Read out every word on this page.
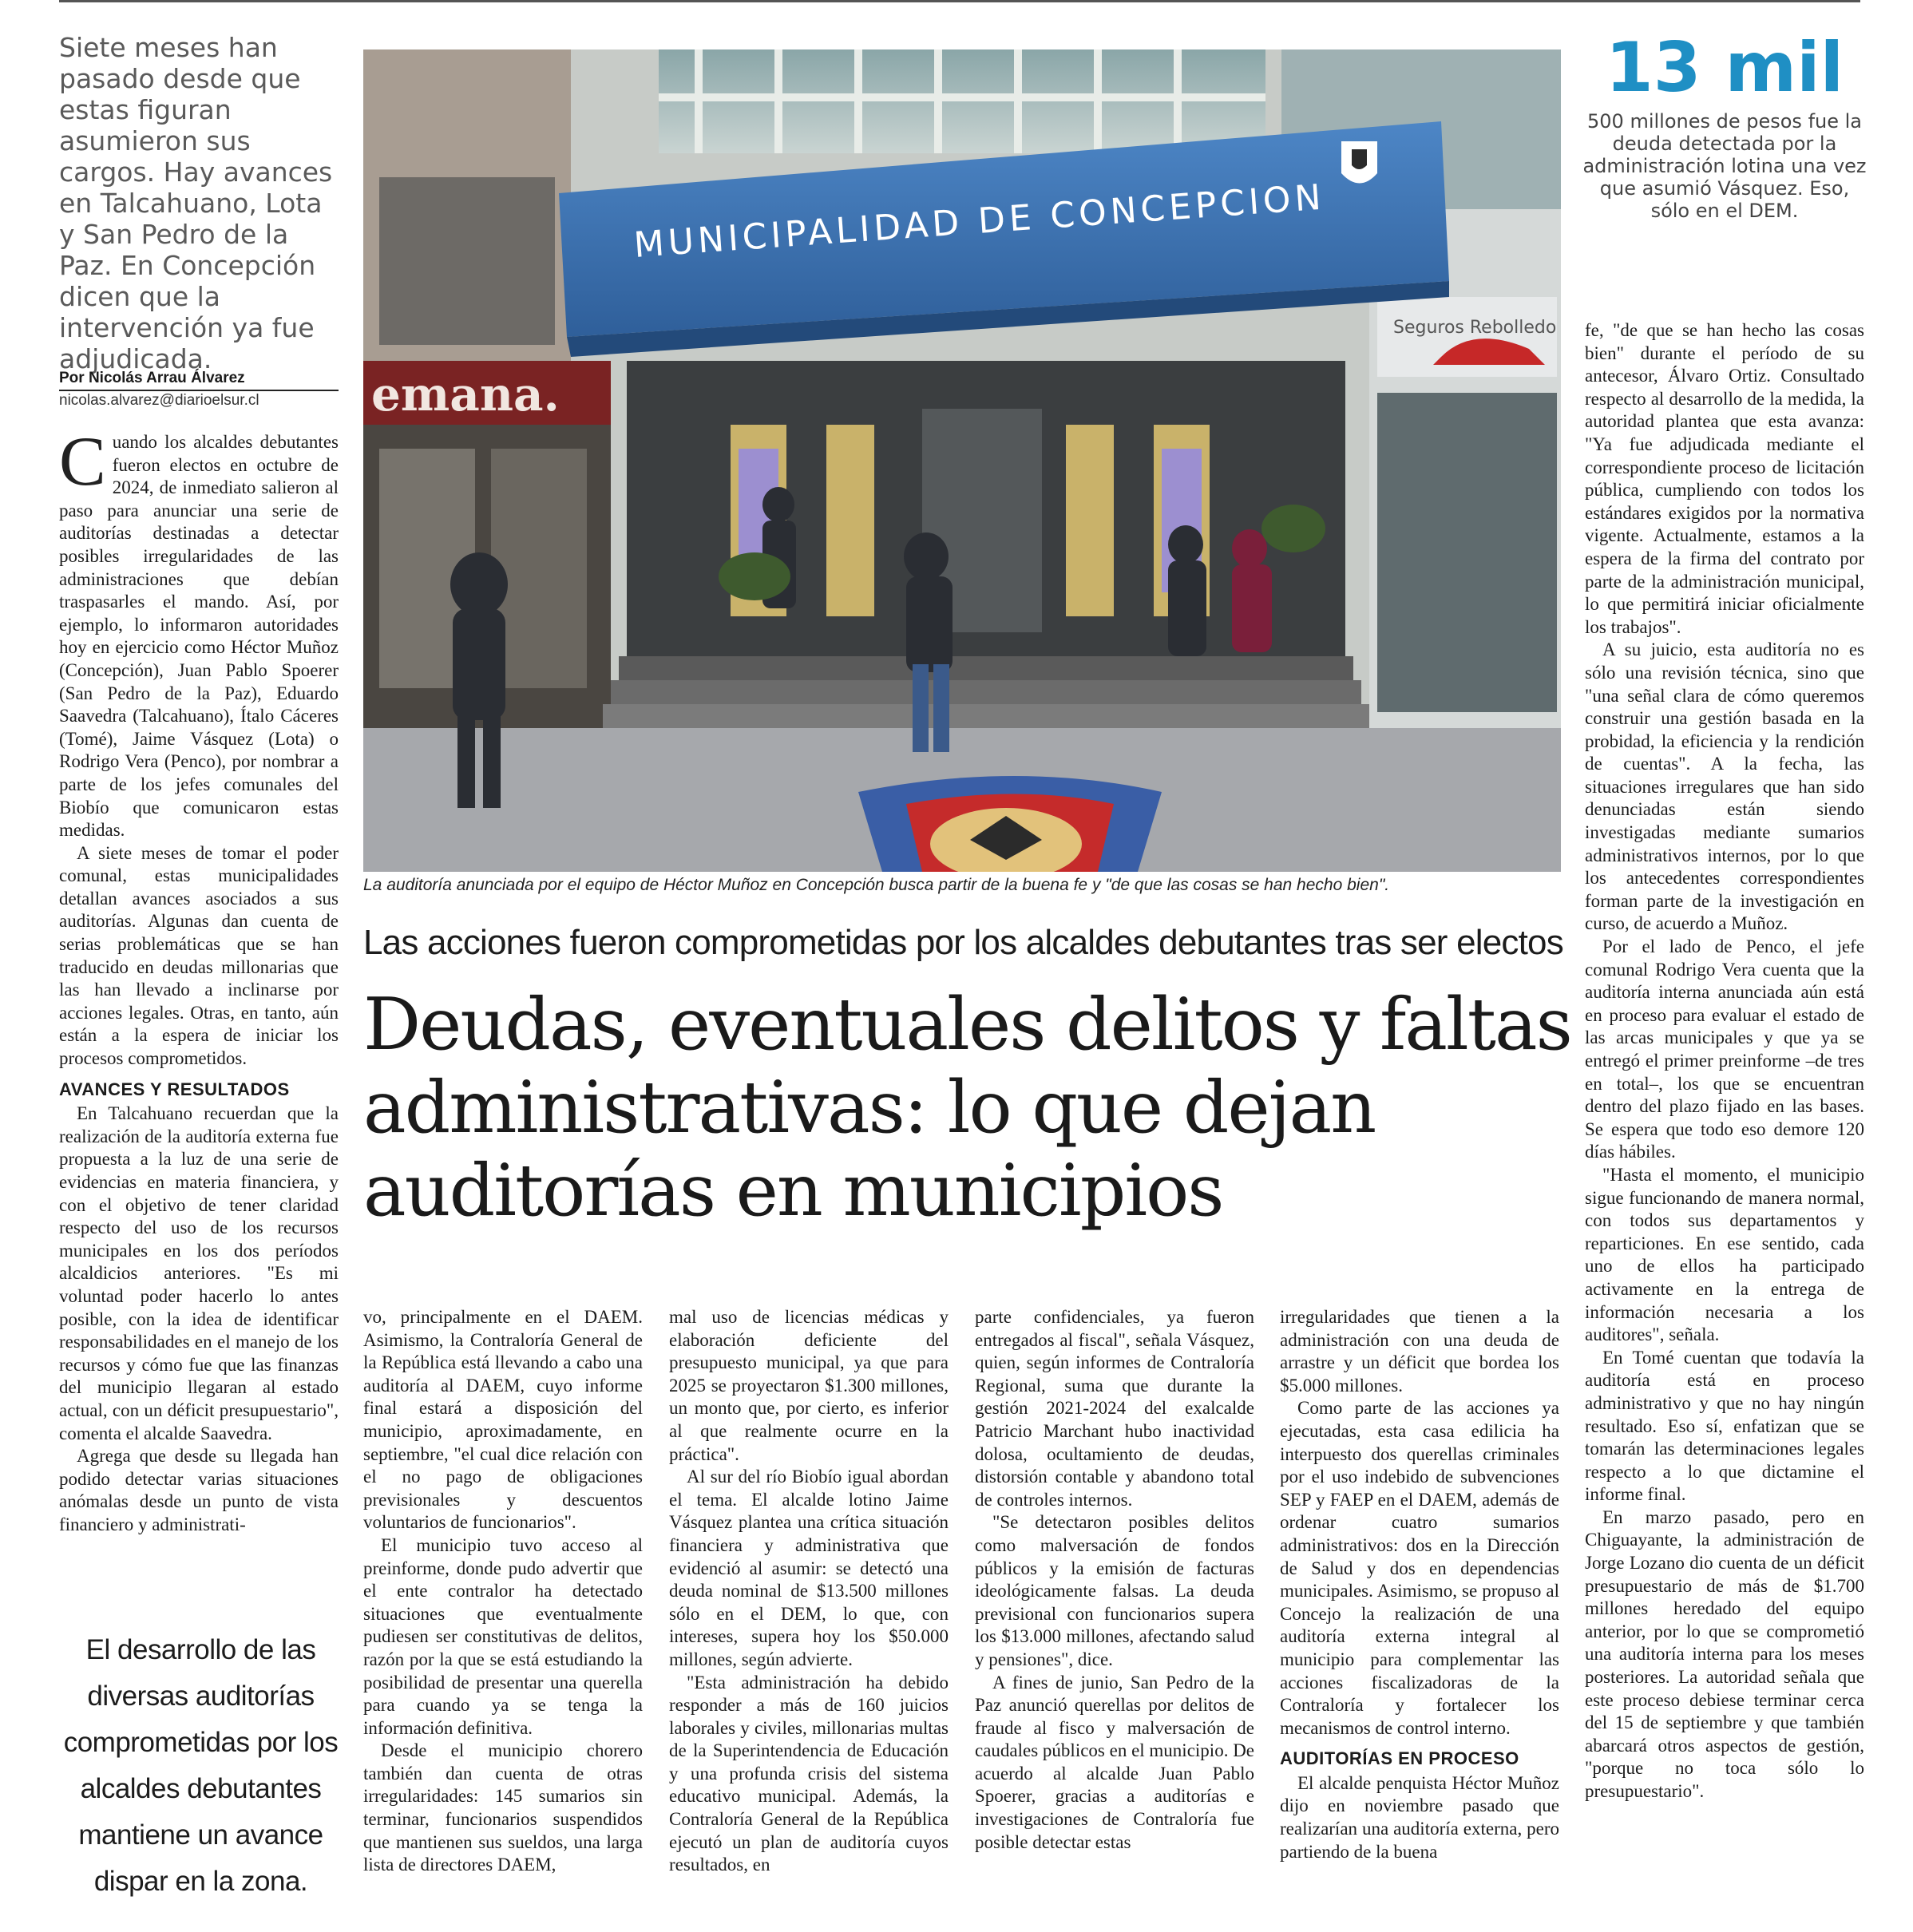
Siete meses han pasado desde que estas figuran asumieron sus cargos. Hay avances en Talcahuano, Lota y San Pedro de la Paz. En Concepción dicen que la intervención ya fue adjudicada.

Por Nicolás Arrau Álvarez
nicolas.alvarez@diarioelsur.cl

Cuando los alcaldes debutantes fueron electos en octubre de 2024, de inmediato salieron al paso para anunciar una serie de auditorías destinadas a detectar posibles irregularidades de las administraciones que debían traspasarles el mando. Así, por ejemplo, lo informaron autoridades hoy en ejercicio como Héctor Muñoz (Concepción), Juan Pablo Spoerer (San Pedro de la Paz), Eduardo Saavedra (Talcahuano), Ítalo Cáceres (Tomé), Jaime Vásquez (Lota) o Rodrigo Vera (Penco), por nombrar a parte de los jefes comunales del Biobío que comunicaron estas medidas.

A siete meses de tomar el poder comunal, estas municipalidades detallan avances asociados a sus auditorías. Algunas dan cuenta de serias problemáticas que se han traducido en deudas millonarias que las han llevado a inclinarse por acciones legales. Otras, en tanto, aún están a la espera de iniciar los procesos comprometidos.

AVANCES Y RESULTADOS

En Talcahuano recuerdan que la realización de la auditoría externa fue propuesta a la luz de una serie de evidencias en materia financiera, y con el objetivo de tener claridad respecto del uso de los recursos municipales en los dos períodos alcaldicios anteriores. "Es mi voluntad poder hacerlo lo antes posible, con la idea de identificar responsabilidades en el manejo de los recursos y cómo fue que las finanzas del municipio llegaran al estado actual, con un déficit presupuestario", comenta el alcalde Saavedra.

Agrega que desde su llegada han podido detectar varias situaciones anómalas desde un punto de vista financiero y administrati-

El desarrollo de las diversas auditorías comprometidas por los alcaldes debutantes mantiene un avance dispar en la zona.
emana.
Seguros Rebolledo
MUNICIPALIDAD DE CONCEPCION
La auditoría anunciada por el equipo de Héctor Muñoz en Concepción busca partir de la buena fe y "de que las cosas se han hecho bien".
Las acciones fueron comprometidas por los alcaldes debutantes tras ser electos
Deudas, eventuales delitos y faltas administrativas: lo que dejan auditorías en municipios
13 mil
500 millones de pesos fue la deuda detectada por la administración lotina una vez que asumió Vásquez. Eso, sólo en el DEM.

vo, principalmente en el DAEM. Asimismo, la Contraloría General de la República está llevando a cabo una auditoría al DAEM, cuyo informe final estará a disposición del municipio, aproximadamente, en septiembre, "el cual dice relación con el no pago de obligaciones previsionales y descuentos voluntarios de funcionarios".

El municipio tuvo acceso al preinforme, donde pudo advertir que el ente contralor ha detectado situaciones que eventualmente pudiesen ser constitutivas de delitos, razón por la que se está estudiando la posibilidad de presentar una querella para cuando ya se tenga la información definitiva.

Desde el municipio chorero también dan cuenta de otras irregularidades: 145 sumarios sin terminar, funcionarios suspendidos que mantienen sus sueldos, una larga lista de directores DAEM,

mal uso de licencias médicas y elaboración deficiente del presupuesto municipal, ya que para 2025 se proyectaron $1.300 millones, un monto que, por cierto, es inferior al que realmente ocurre en la práctica".

Al sur del río Biobío igual abordan el tema. El alcalde lotino Jaime Vásquez plantea una crítica situación financiera y administrativa que evidenció al asumir: se detectó una deuda nominal de $13.500 millones sólo en el DEM, lo que, con intereses, supera hoy los $50.000 millones, según advierte.

"Esta administración ha debido responder a más de 160 juicios laborales y civiles, millonarias multas de la Superintendencia de Educación y una profunda crisis del sistema educativo municipal. Además, la Contraloría General de la República ejecutó un plan de auditoría cuyos resultados, en

parte confidenciales, ya fueron entregados al fiscal", señala Vásquez, quien, según informes de Contraloría Regional, suma que durante la gestión 2021-2024 del exalcalde Patricio Marchant hubo inactividad dolosa, ocultamiento de deudas, distorsión contable y abandono total de controles internos.

"Se detectaron posibles delitos como malversación de fondos públicos y la emisión de facturas ideológicamente falsas. La deuda previsional con funcionarios supera los $13.000 millones, afectando salud y pensiones", dice.

A fines de junio, San Pedro de la Paz anunció querellas por delitos de fraude al fisco y malversación de caudales públicos en el municipio. De acuerdo al alcalde Juan Pablo Spoerer, gracias a auditorías e investigaciones de Contraloría fue posible detectar estas

irregularidades que tienen a la administración con una deuda de arrastre y un déficit que bordea los $5.000 millones.

Como parte de las acciones ya ejecutadas, esta casa edilicia ha interpuesto dos querellas criminales por el uso indebido de subvenciones SEP y FAEP en el DAEM, además de ordenar cuatro sumarios administrativos: dos en la Dirección de Salud y dos en dependencias municipales. Asimismo, se propuso al Concejo la realización de una auditoría externa integral al municipio para complementar las acciones fiscalizadoras de la Contraloría y fortalecer los mecanismos de control interno.

AUDITORÍAS EN PROCESO

El alcalde penquista Héctor Muñoz dijo en noviembre pasado que realizarían una auditoría externa, pero partiendo de la buena

fe, "de que se han hecho las cosas bien" durante el período de su antecesor, Álvaro Ortiz. Consultado respecto al desarrollo de la medida, la autoridad plantea que esta avanza: "Ya fue adjudicada mediante el correspondiente proceso de licitación pública, cumpliendo con todos los estándares exigidos por la normativa vigente. Actualmente, estamos a la espera de la firma del contrato por parte de la administración municipal, lo que permitirá iniciar oficialmente los trabajos".

A su juicio, esta auditoría no es sólo una revisión técnica, sino que "una señal clara de cómo queremos construir una gestión basada en la probidad, la eficiencia y la rendición de cuentas". A la fecha, las situaciones irregulares que han sido denunciadas están siendo investigadas mediante sumarios administrativos internos, por lo que los antecedentes correspondientes forman parte de la investigación en curso, de acuerdo a Muñoz.

Por el lado de Penco, el jefe comunal Rodrigo Vera cuenta que la auditoría interna anunciada aún está en proceso para evaluar el estado de las arcas municipales y que ya se entregó el primer preinforme –de tres en total–, los que se encuentran dentro del plazo fijado en las bases. Se espera que todo eso demore 120 días hábiles.

"Hasta el momento, el municipio sigue funcionando de manera normal, con todos sus departamentos y reparticiones. En ese sentido, cada uno de ellos ha participado activamente en la entrega de información necesaria a los auditores", señala.

En Tomé cuentan que todavía la auditoría está en proceso administrativo y que no hay ningún resultado. Eso sí, enfatizan que se tomarán las determinaciones legales respecto a lo que dictamine el informe final.

En marzo pasado, pero en Chiguayante, la administración de Jorge Lozano dio cuenta de un déficit presupuestario de más de $1.700 millones heredado del equipo anterior, por lo que se comprometió una auditoría interna para los meses posteriores. La autoridad señala que este proceso debiese terminar cerca del 15 de septiembre y que también abarcará otros aspectos de gestión, "porque no toca sólo lo presupuestario".
